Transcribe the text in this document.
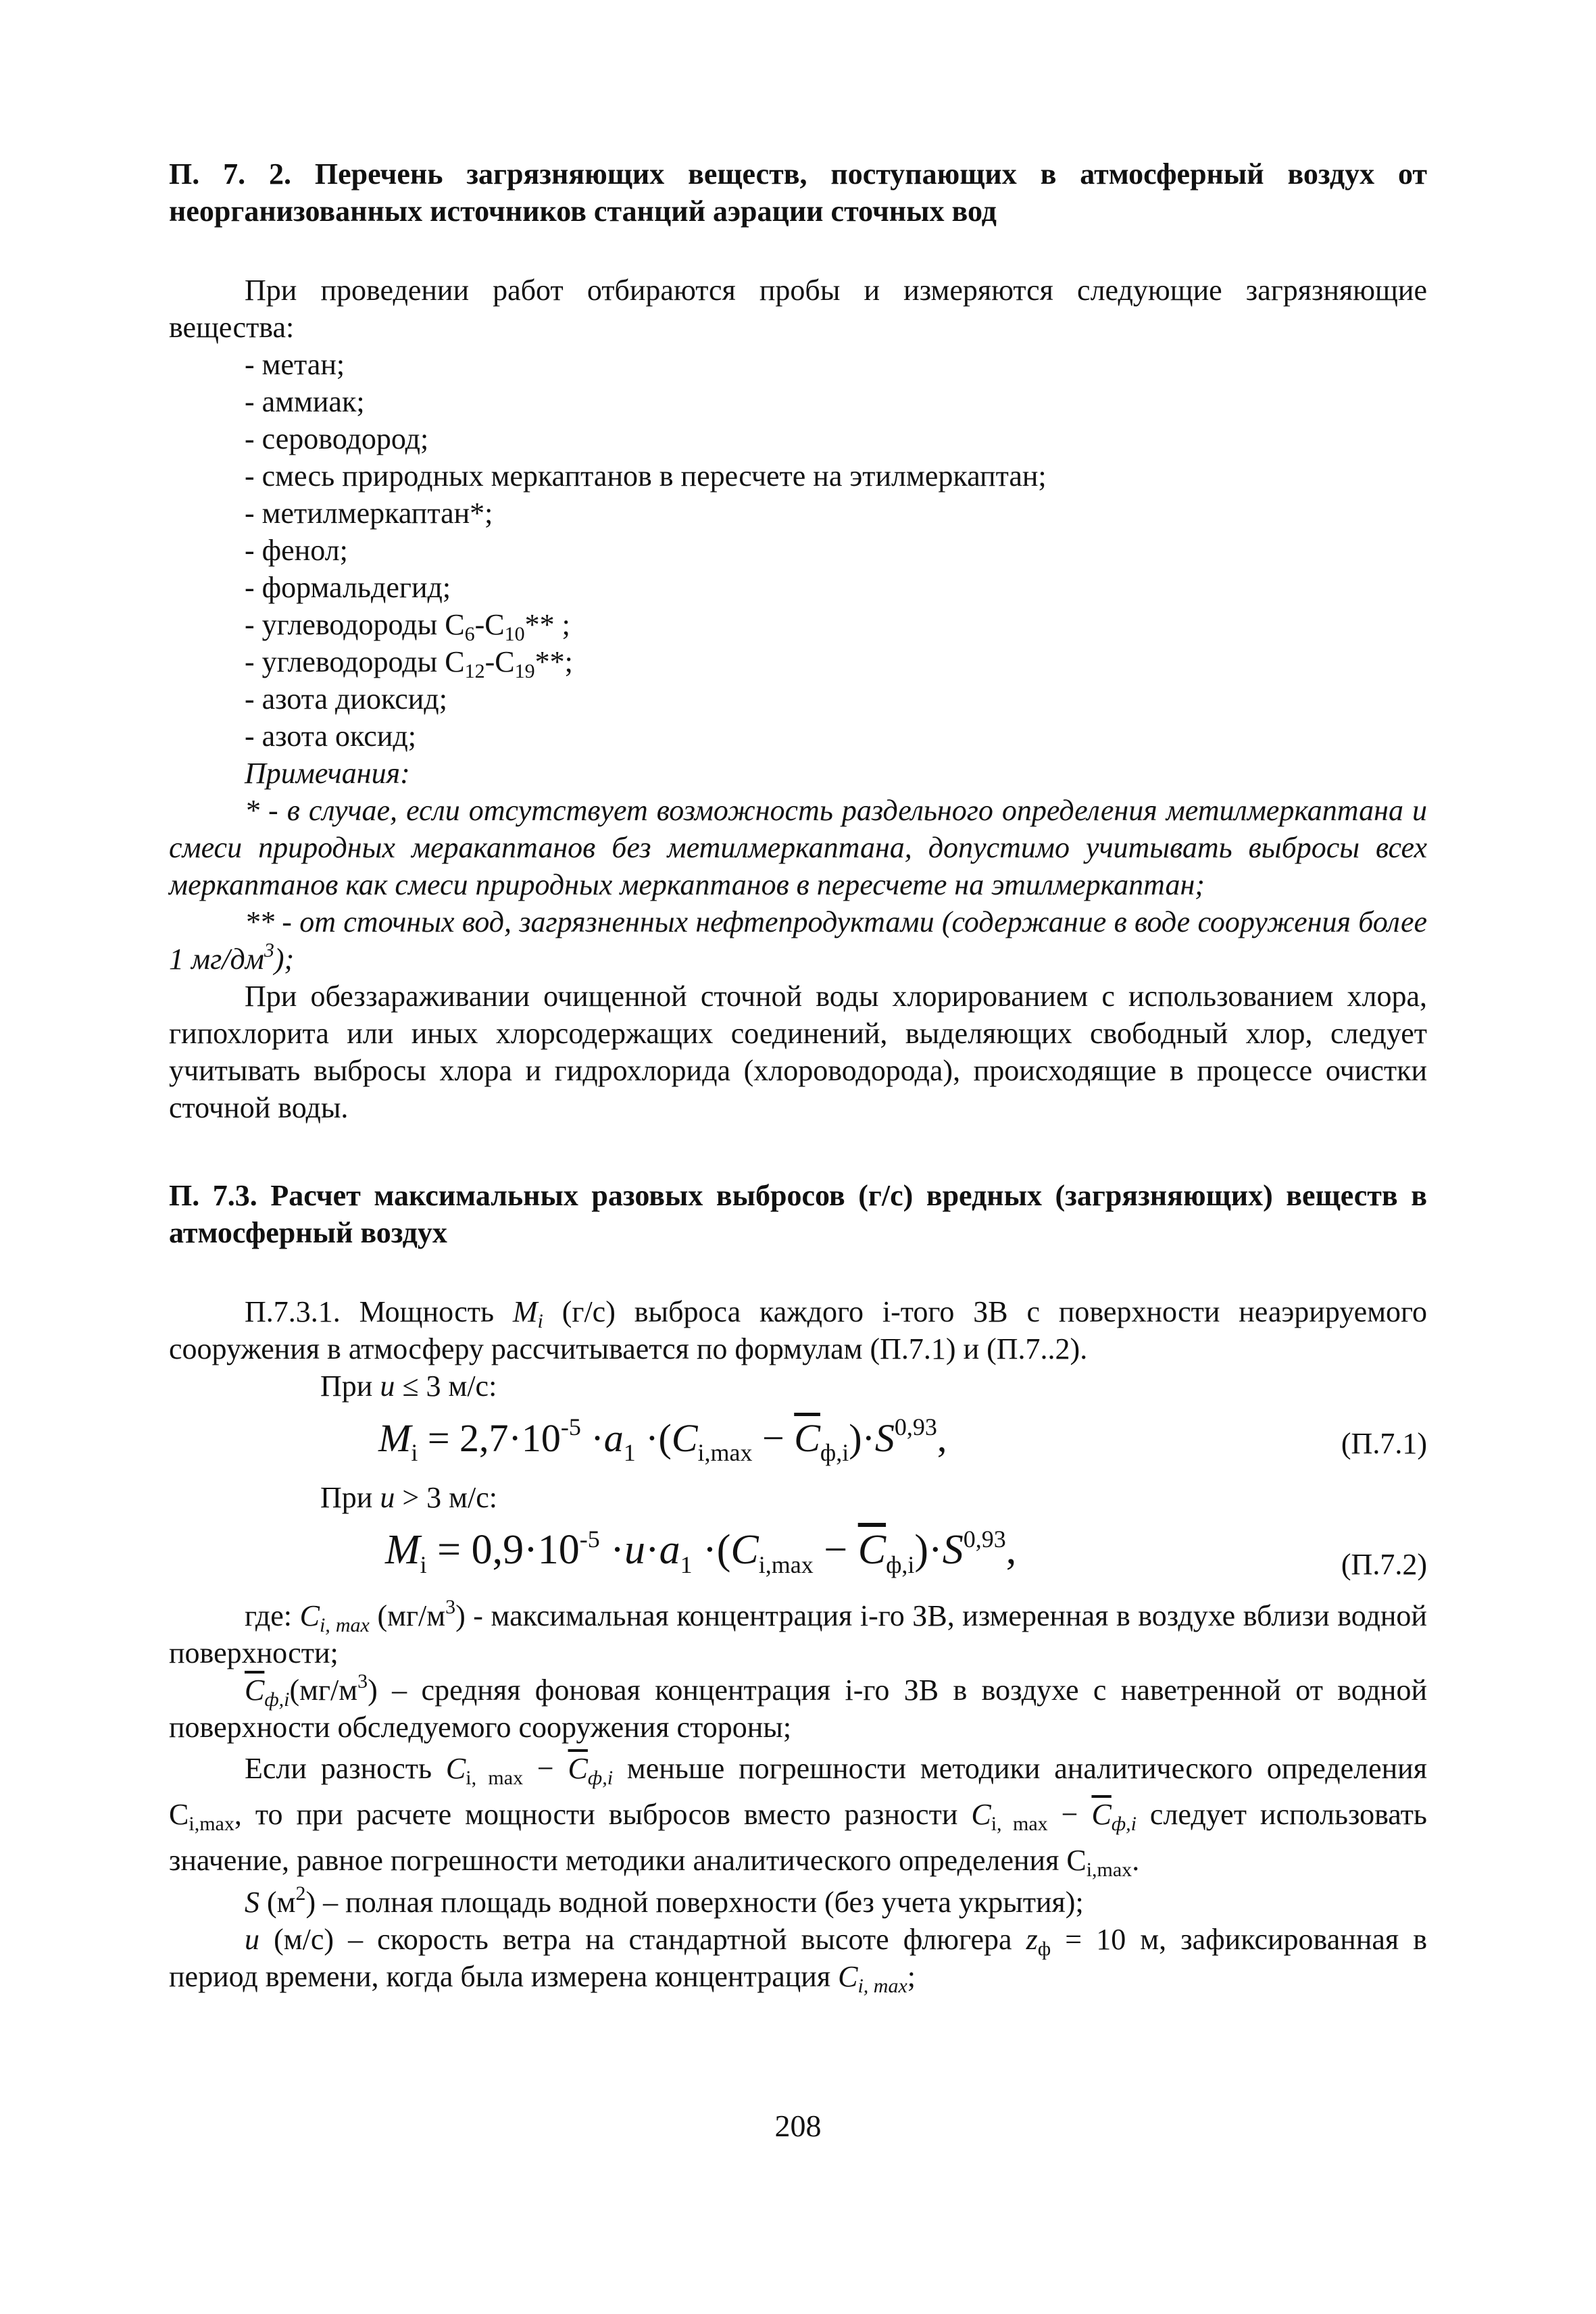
П. 7. 2. Перечень загрязняющих веществ, поступающих в атмосферный воздух от неорганизованных источников станций аэрации сточных вод

При проведении работ отбираются пробы и измеряются следующие загрязняющие вещества:

- метан;
- аммиак;
- сероводород;
- смесь природных меркаптанов в пересчете на этилмеркаптан;
- метилмеркаптан*;
- фенол;
- формальдегид;
- углеводороды $С_6-С_{10}**$ ;
- углеводороды $С_{12}-С_{19}**$;
- азота диоксид;
- азота оксид;
Примечания:

* - в случае, если отсутствует возможность раздельного определения метилмеркаптана и смеси природных меракаптанов без метилмеркаптана, допустимо учитывать выбросы всех меркаптанов как смеси природных меркаптанов в пересчете на этилмеркаптан;

** - от сточных вод, загрязненных нефтепродуктами (содержание в воде сооружения более 1 $мг/дм^3$);

При обеззараживании очищенной сточной воды хлорированием с использованием хлора, гипохлорита или иных хлорсодержащих соединений, выделяющих свободный хлор, следует учитывать выбросы хлора и гидрохлорида (хлороводорода), происходящие в процессе очистки сточной воды.

П. 7.3. Расчет максимальных разовых выбросов (г/с) вредных (загрязняющих) веществ в атмосферный воздух

П.7.3.1. Мощность $M_i$ (г/с) выброса каждого i-того ЗВ с поверхности неаэрируемого сооружения в атмосферу рассчитывается по формулам (П.7.1) и (П.7..2).

При u ≤ 3 м/с:

$M_i = 2,7\cdot 10^{-5} \cdot a_1 \cdot(C_{i,max} - \overline{C}_{ф,i})\cdot S^{0,93}$,	(П.7.1)

При u > 3 м/с:

$M_i = 0,9\cdot 10^{-5} \cdot u\cdot a_1 \cdot(C_{i,max} - \overline{C}_{ф,i})\cdot S^{0,93}$,	(П.7.2)

где: $C_{i, max}$ $(мг/м^3)$ - максимальная концентрация i-го ЗВ, измеренная в воздухе вблизи водной поверхности;

$\overline{C}_{ф,i}(мг/м^3)$ – средняя фоновая концентрация i-го ЗВ в воздухе с наветренной от водной поверхности обследуемого сооружения стороны;

Если разность $C_{i, max} - \overline{C}_{ф,i}$ меньше погрешности методики аналитического определения $С_{i,max}$, то при расчете мощности выбросов вместо разности $C_{i, max} - \overline{C}_{ф,i}$ следует использовать значение, равное погрешности методики аналитического определения $С_{i,max}$.

S $(м^2)$ – полная площадь водной поверхности (без учета укрытия);

u (м/с) – скорость ветра на стандартной высоте флюгера $z_ф = 10$ м, зафиксированная в период времени, когда была измерена концентрация $C_{i, max}$;

208
